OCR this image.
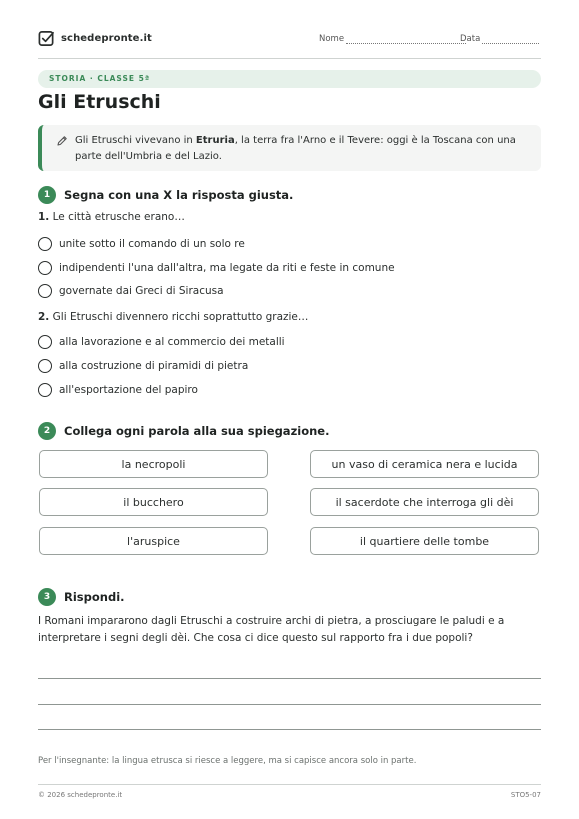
schedepronte.it	Nome	Data
STORIA · CLASSE 5ª
Gli Etruschi
Gli Etruschi vivevano in Etruria, la terra fra l'Arno e il Tevere: oggi è la Toscana con una parte dell'Umbria e del Lazio.
1	Segna con una X la risposta giusta.
1. Le città etrusche erano…
unite sotto il comando di un solo re
indipendenti l'una dall'altra, ma legate da riti e feste in comune
governate dai Greci di Siracusa
2. Gli Etruschi divennero ricchi soprattutto grazie…
alla lavorazione e al commercio dei metalli
alla costruzione di piramidi di pietra
all'esportazione del papiro
2	Collega ogni parola alla sua spiegazione.
la necropoli	un vaso di ceramica nera e lucida
il bucchero	il sacerdote che interroga gli dèi
l'aruspice	il quartiere delle tombe
3	Rispondi.
I Romani impararono dagli Etruschi a costruire archi di pietra, a prosciugare le paludi e a interpretare i segni degli dèi. Che cosa ci dice questo sul rapporto fra i due popoli?
Per l'insegnante: la lingua etrusca si riesce a leggere, ma si capisce ancora solo in parte.
© 2026 schedepronte.it	STO5-07
